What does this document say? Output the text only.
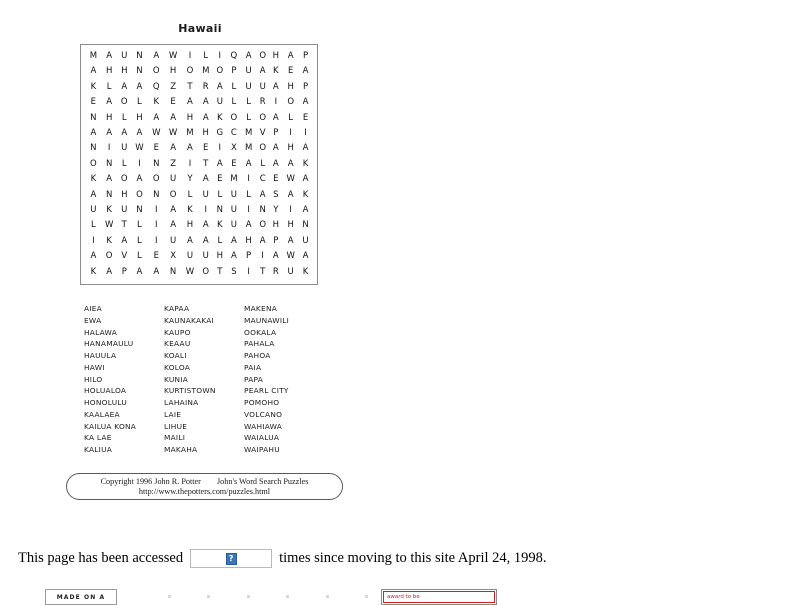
Hawaii
M	A	U	N	A	W	I	L	I	Q	A	O	H	A	P
A	H	H	N	O	H	O	M	O	P	U	A	K	E	A
K	L	A	A	Q	Z	T	R	A	L	U	U	A	H	P
E	A	O	L	K	E	A	A	U	L	L	R	I	O	A
N	H	L	H	A	A	H	A	K	O	L	O	A	L	E
A	A	A	A	W	W	M	H	G	C	M	V	P	I	I
N	I	U	W	E	A	A	E	I	X	M	O	A	H	A
O	N	L	I	N	Z	I	T	A	E	A	L	A	A	K
K	A	O	A	O	U	Y	A	E	M	I	C	E	W	A
A	N	H	O	N	O	L	U	L	U	L	A	S	A	K
U	K	U	N	I	A	K	I	N	U	I	N	Y	I	A
L	W	T	L	I	A	H	A	K	U	A	O	H	H	N
I	K	A	L	I	U	A	A	L	A	H	A	P	A	U
A	O	V	L	E	X	U	U	H	A	P	I	A	W	A
K	A	P	A	A	N	W	O	T	S	I	T	R	U	K
AIEA
EWA
HALAWA
HANAMAULU
HAUULA
HAWI
HILO
HOLUALOA
HONOLULU
KAALAEA
KAILUA KONA
KA LAE
KALIUA
KAPAA
KAUNAKAKAI
KAUPO
KEAAU
KOALI
KOLOA
KUNIA
KURTISTOWN
LAHAINA
LAIE
LIHUE
MAILI
MAKAHA
MAKENA
MAUNAWILI
OOKALA
PAHALA
PAHOA
PAIA
PAPA
PEARL CITY
POMOHO
VOLCANO
WAHIAWA
WAIALUA
WAIPAHU
Copyright 1996 John R. Potter John's Word Search Puzzles
http://www.thepotters.com/puzzles.html
This page has been accessed	?	times since moving to this site April 24, 1998.
MADE ON A	award to be
